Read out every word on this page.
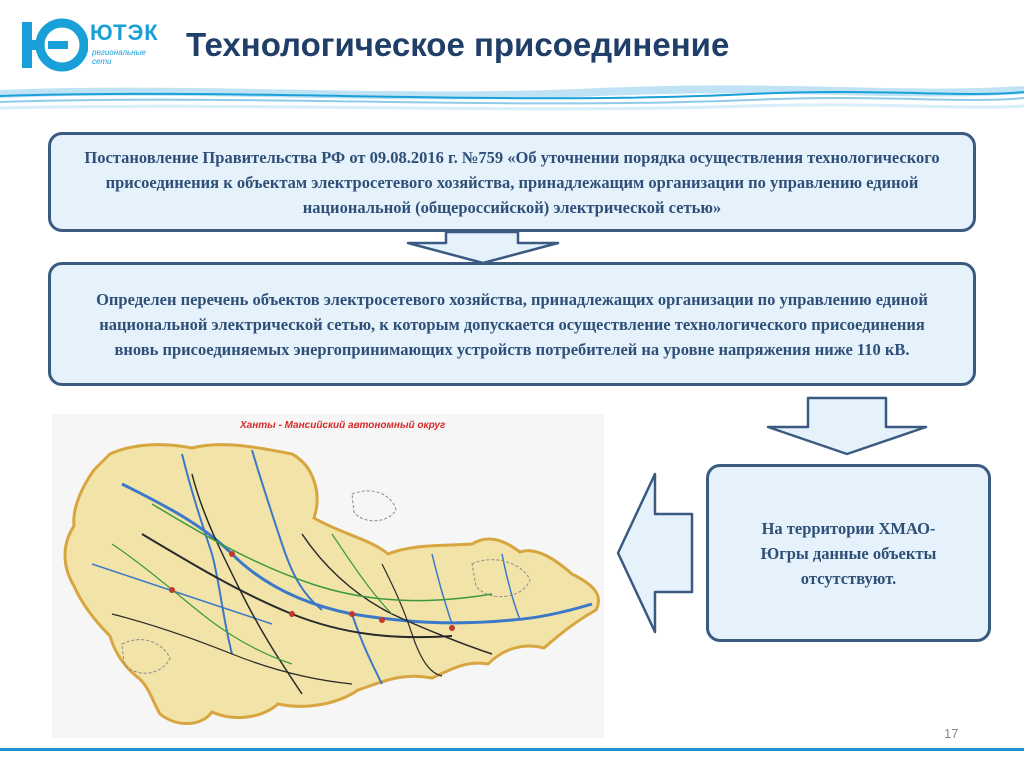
ЮТЭК
региональные сети	Технологическое присоединение
Постановление Правительства РФ от 09.08.2016 г. №759 «Об уточнении порядка осуществления технологического присоединения к объектам электросетевого хозяйства, принадлежащим организации по управлению единой национальной (общероссийской) электрической сетью»
Определен перечень объектов электросетевого хозяйства, принадлежащих организации по управлению единой национальной электрической сетью, к которым допускается осуществление технологического присоединения вновь присоединяемых энергопринимающих устройств потребителей на уровне напряжения ниже 110 кВ.
На территории ХМАО-Югры данные объекты отсутствуют.
Ханты - Мансийский автономный округ
17
